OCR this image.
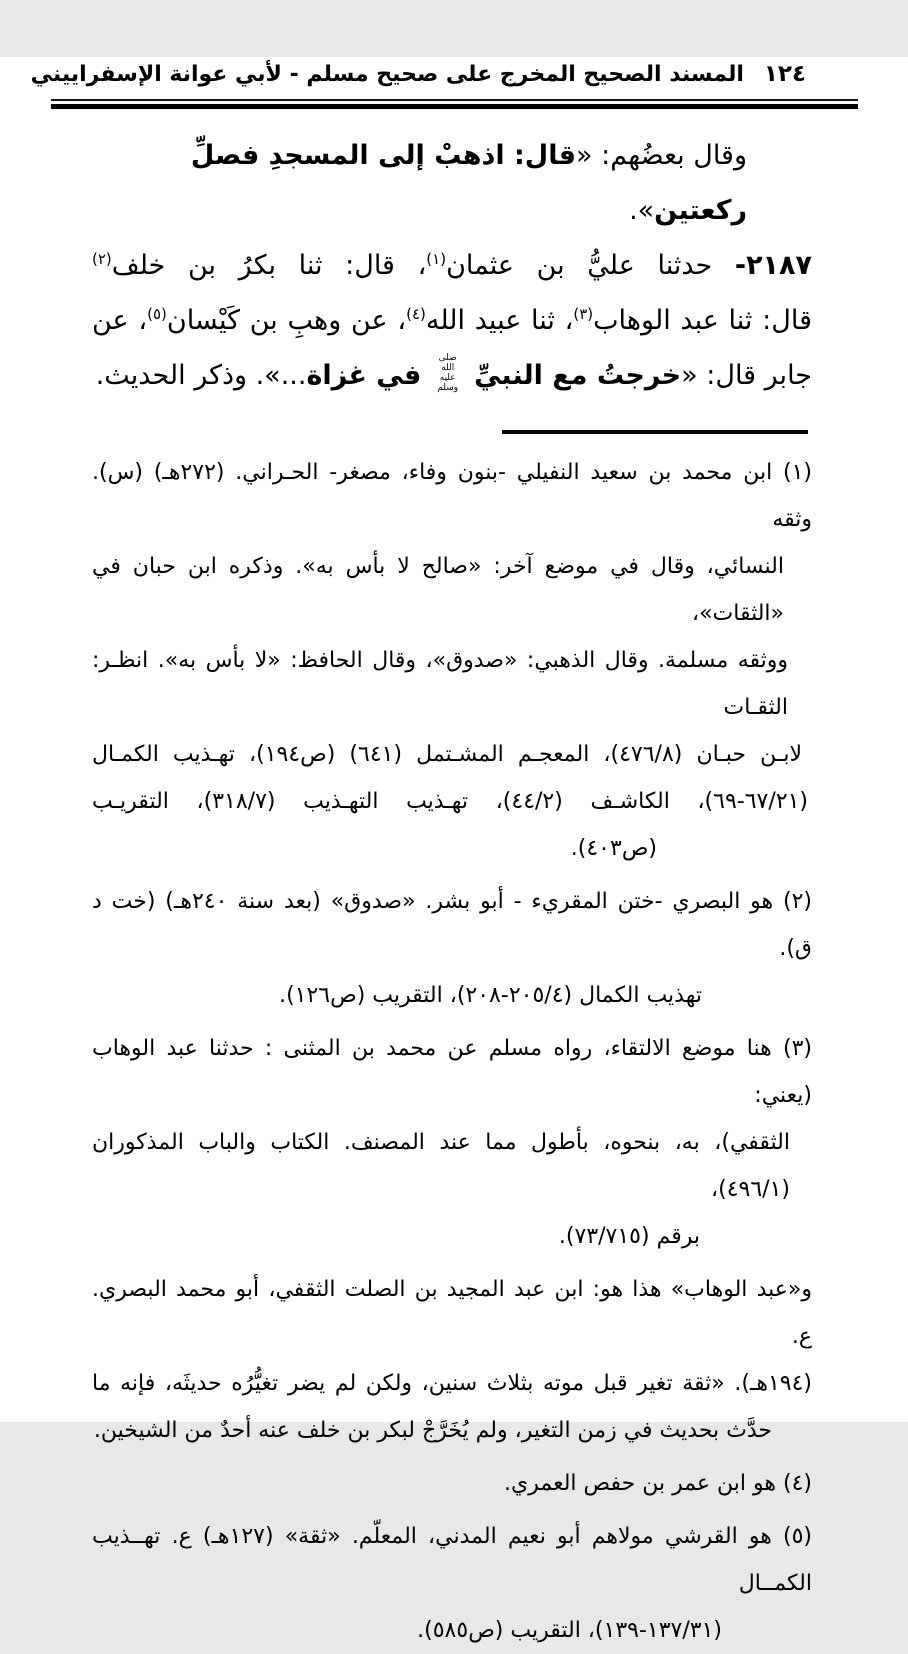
١٢٤المسند الصحيح المخرج على صحيح مسلم - لأبي عوانة الإسفراييني
وقال بعضُهم: «قال: اذهبْ إلى المسجدِ فصلِّ ركعتين».
٢١٨٧- حدثنا عليُّ بن عثمان$^{(١)}$، قال: ثنا بكرُ بن خلف$^{(٢)}$
قال: ثنا عبد الوهاب$^{(٣)}$، ثنا عبيد الله$^{(٤)}$، عن وهبِ بن كَيْسان$^{(٥)}$، عن
جابر قال: «خرجتُ مع النبيِّ
صلى الله
عليه وسلم
في غزاة...». وذكر الحديث.
(١) ابن محمد بن سعيد النفيلي -بنون وفاء، مصغر- الحـراني. (٢٧٢هـ) (س). وثقه
النسائي، وقال في موضع آخر: «صالح لا بأس به». وذكره ابن حبان في «الثقات»،
ووثقه مسلمة. وقال الذهبي: «صدوق»، وقال الحافظ: «لا بأس به». انظـر: الثقـات
لابـن حبـان (٤٧٦/٨)، المعجـم المشـتمل (٦٤١) (ص١٩٤)، تهـذيب الكمـال
(٦٧/٢١-٦٩)، الكاشـف (٤٤/٢)، تهـذيب التهـذيب (٣١٨/٧)، التقريـب
(ص٤٠٣).
(٢) هو البصري -ختن المقريء - أبو بشر. «صدوق» (بعد سنة ٢٤٠هـ) (خت د ق).
تهذيب الكمال (٢٠٥/٤-٢٠٨)، التقريب (ص١٢٦).
(٣) هنا موضع الالتقاء، رواه مسلم عن محمد بن المثنى : حدثنا عبد الوهاب (يعني:
الثقفي)، به، بنحوه، بأطول مما عند المصنف. الكتاب والباب المذكوران (٤٩٦/١)،
برقم (٧٣/٧١٥).
و«عبد الوهاب» هذا هو: ابن عبد المجيد بن الصلت الثقفي، أبو محمد البصري. ع.
(١٩٤هـ). «ثقة تغير قبل موته بثلاث سنين، ولكن لم يضر تغيُّرُه حديثَه، فإنه ما
حدَّث بحديث في زمن التغير، ولم يُخَرَّجْ لبكر بن خلف عنه أحدٌ من الشيخين.
(٤) هو ابن عمر بن حفص العمري.
(٥) هو القرشي مولاهم أبو نعيم المدني، المعلّم. «ثقة» (١٢٧هـ) ع. تهــذيب الكمــال
(١٣٧/٣١-١٣٩)، التقريب (ص٥٨٥).
